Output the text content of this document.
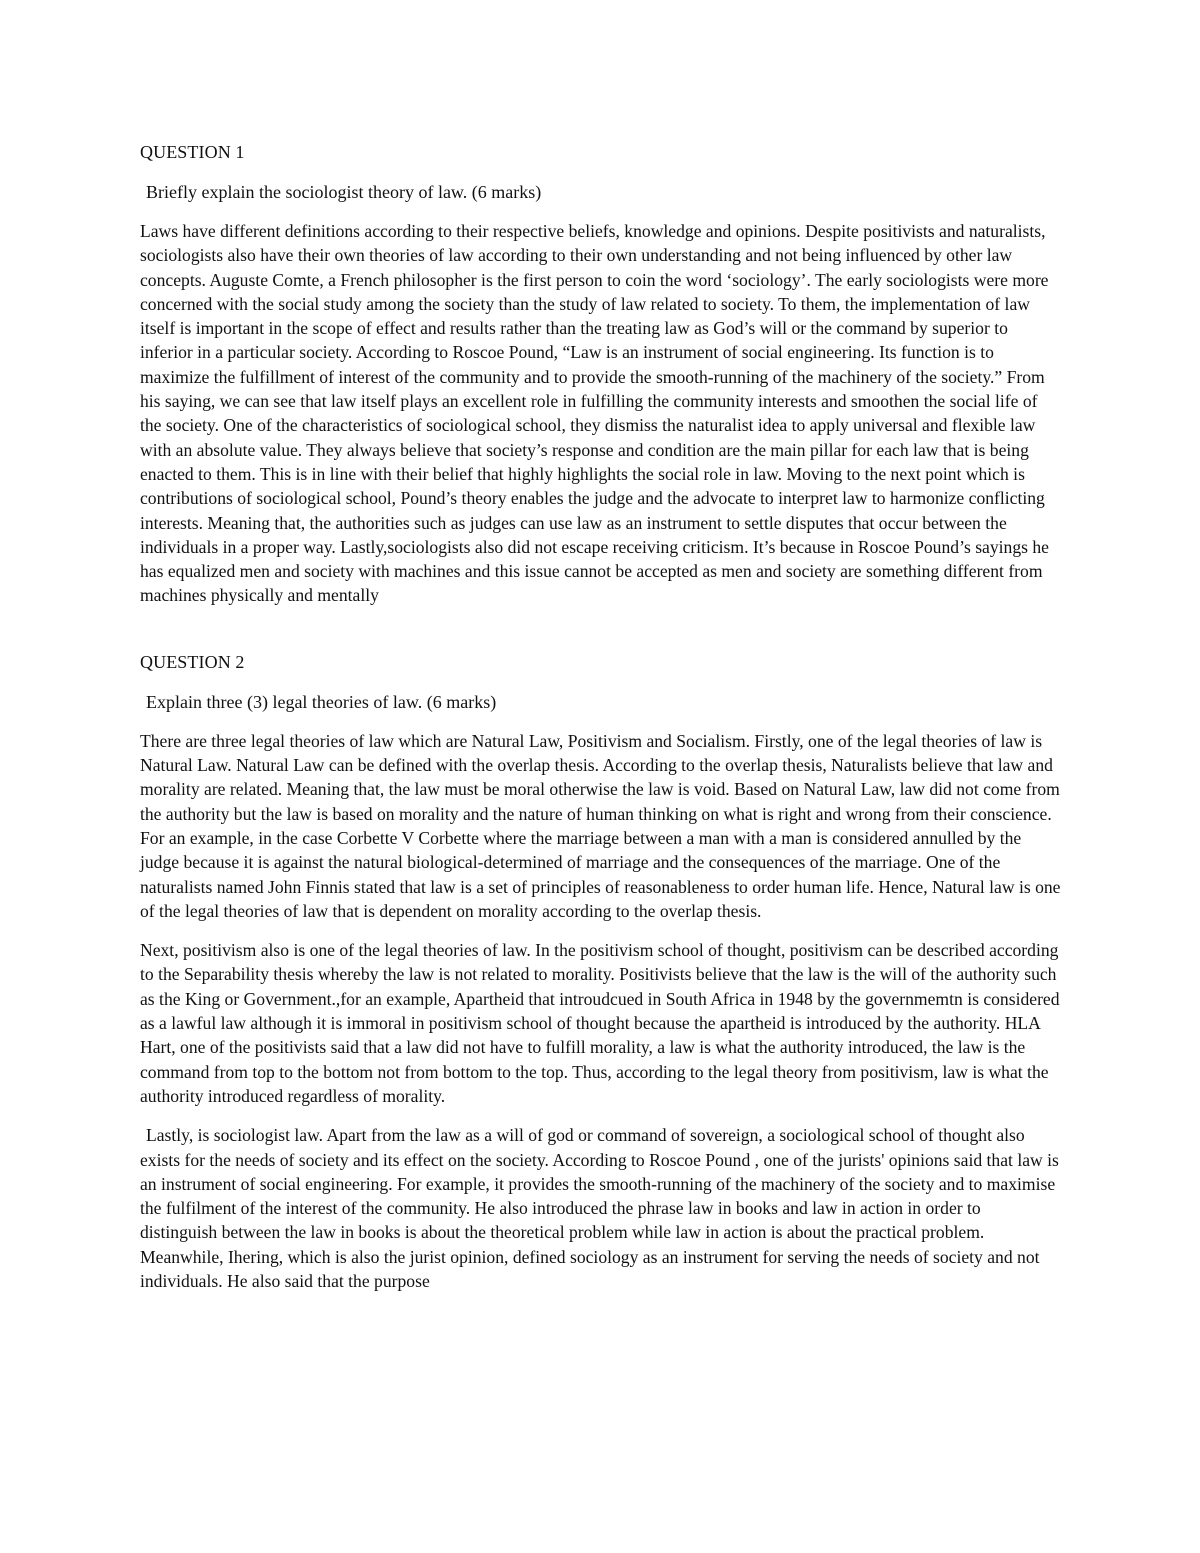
QUESTION 1

Briefly explain the sociologist theory of law. (6 marks)

Laws have different definitions according to their respective beliefs, knowledge and opinions. Despite positivists and naturalists, sociologists also have their own theories of law according to their own understanding and not being influenced by other law concepts. Auguste Comte, a French philosopher is the first person to coin the word ‘sociology’. The early sociologists were more concerned with the social study among the society than the study of law related to society. To them, the implementation of law itself is important in the scope of effect and results rather than the treating law as God’s will or the command by superior to inferior in a particular society. According to Roscoe Pound, “Law is an instrument of social engineering. Its function is to maximize the fulfillment of interest of the community and to provide the smooth-running of the machinery of the society.” From his saying, we can see that law itself plays an excellent role in fulfilling the community interests and smoothen the social life of the society. One of the characteristics of sociological school, they dismiss the naturalist idea to apply universal and flexible law with an absolute value. They always believe that society’s response and condition are the main pillar for each law that is being enacted to them. This is in line with their belief that highly highlights the social role in law. Moving to the next point which is contributions of sociological school, Pound’s theory enables the judge and the advocate to interpret law to harmonize conflicting interests. Meaning that, the authorities such as judges can use law as an instrument to settle disputes that occur between the individuals in a proper way. Lastly,sociologists also did not escape receiving criticism. It’s because in Roscoe Pound’s sayings he has equalized men and society with machines and this issue cannot be accepted as men and society are something different from machines physically and mentally

QUESTION 2

Explain three (3) legal theories of law. (6 marks)

There are three legal theories of law which are Natural Law, Positivism and Socialism. Firstly, one of the legal theories of law is Natural Law. Natural Law can be defined with the overlap thesis. According to the overlap thesis, Naturalists believe that law and morality are related. Meaning that, the law must be moral otherwise the law is void. Based on Natural Law, law did not come from the authority but the law is based on morality and the nature of human thinking on what is right and wrong from their conscience. For an example, in the case Corbette V Corbette where the marriage between a man with a man is considered annulled by the judge because it is against the natural biological-determined of marriage and the consequences of the marriage. One of the naturalists named John Finnis stated that law is a set of principles of reasonableness to order human life. Hence, Natural law is one of the legal theories of law that is dependent on morality according to the overlap thesis.

Next, positivism also is one of the legal theories of law. In the positivism school of thought, positivism can be described according to the Separability thesis whereby the law is not related to morality. Positivists believe that the law is the will of the authority such as the King or Government.,for an example, Apartheid that introudcued in South Africa in 1948 by the governmemtn is considered as a lawful law although it is immoral in positivism school of thought because the apartheid is introduced by the authority. HLA Hart, one of the positivists said that a law did not have to fulfill morality, a law is what the authority introduced, the law is the command from top to the bottom not from bottom to the top. Thus, according to the legal theory from positivism, law is what the authority introduced regardless of morality.

Lastly, is sociologist law. Apart from the law as a will of god or command of sovereign, a sociological school of thought also exists for the needs of society and its effect on the society. According to Roscoe Pound , one of the jurists' opinions said that law is an instrument of social engineering. For example, it provides the smooth-running of the machinery of the society and to maximise the fulfilment of the interest of the community. He also introduced the phrase law in books and law in action in order to distinguish between the law in books is about the theoretical problem while law in action is about the practical problem. Meanwhile, Ihering, which is also the jurist opinion, defined sociology as an instrument for serving the needs of society and not individuals. He also said that the purpose
